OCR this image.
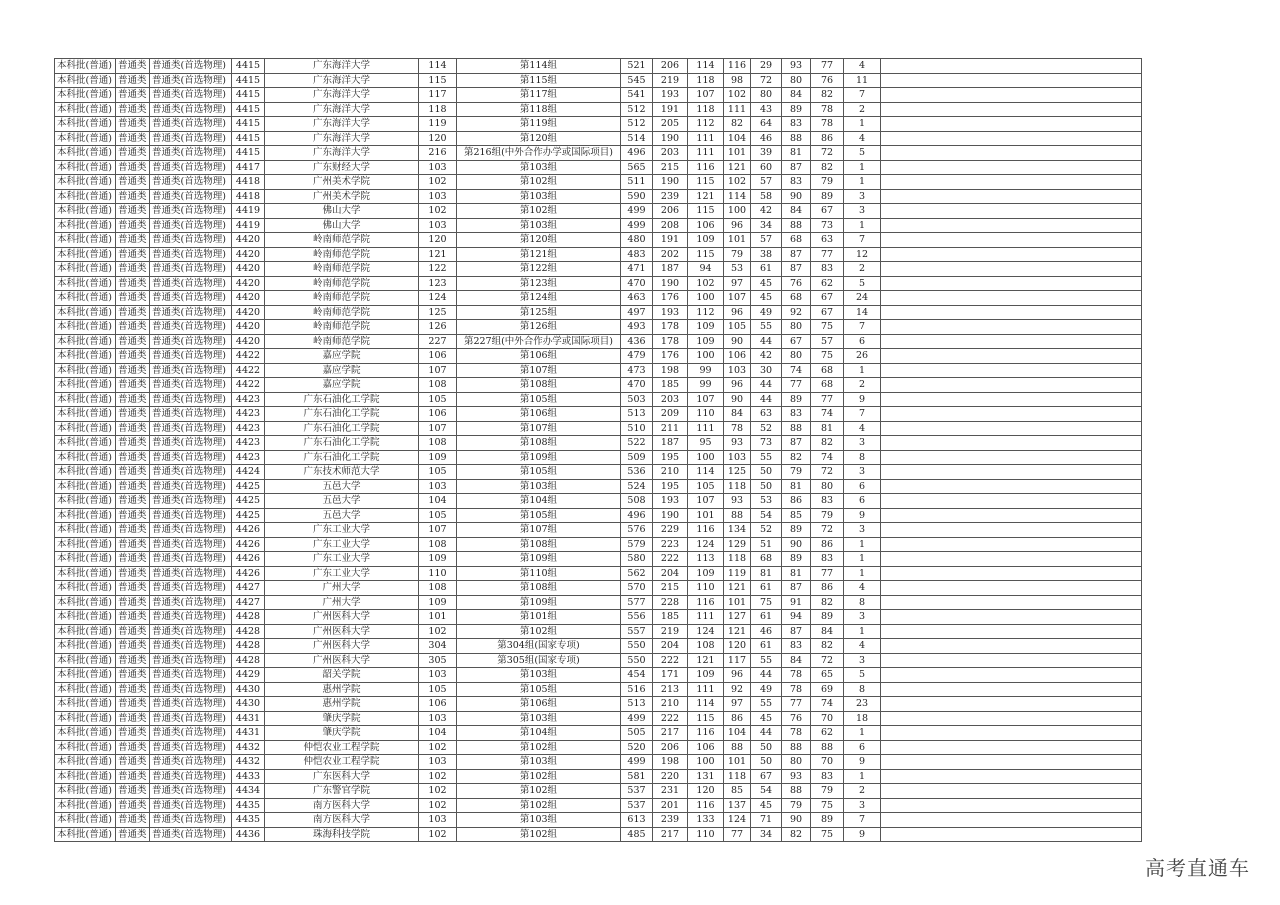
本科批(普通)	普通类	普通类(首选物理)	4415	广东海洋大学	114	第114组	521	206	114	116	29	93	77	4	
本科批(普通)	普通类	普通类(首选物理)	4415	广东海洋大学	115	第115组	545	219	118	98	72	80	76	11	
本科批(普通)	普通类	普通类(首选物理)	4415	广东海洋大学	117	第117组	541	193	107	102	80	84	82	7	
本科批(普通)	普通类	普通类(首选物理)	4415	广东海洋大学	118	第118组	512	191	118	111	43	89	78	2	
本科批(普通)	普通类	普通类(首选物理)	4415	广东海洋大学	119	第119组	512	205	112	82	64	83	78	1	
本科批(普通)	普通类	普通类(首选物理)	4415	广东海洋大学	120	第120组	514	190	111	104	46	88	86	4	
本科批(普通)	普通类	普通类(首选物理)	4415	广东海洋大学	216	第216组(中外合作办学或国际项目)	496	203	111	101	39	81	72	5	
本科批(普通)	普通类	普通类(首选物理)	4417	广东财经大学	103	第103组	565	215	116	121	60	87	82	1	
本科批(普通)	普通类	普通类(首选物理)	4418	广州美术学院	102	第102组	511	190	115	102	57	83	79	1	
本科批(普通)	普通类	普通类(首选物理)	4418	广州美术学院	103	第103组	590	239	121	114	58	90	89	3	
本科批(普通)	普通类	普通类(首选物理)	4419	佛山大学	102	第102组	499	206	115	100	42	84	67	3	
本科批(普通)	普通类	普通类(首选物理)	4419	佛山大学	103	第103组	499	208	106	96	34	88	73	1	
本科批(普通)	普通类	普通类(首选物理)	4420	岭南师范学院	120	第120组	480	191	109	101	57	68	63	7	
本科批(普通)	普通类	普通类(首选物理)	4420	岭南师范学院	121	第121组	483	202	115	79	38	87	77	12	
本科批(普通)	普通类	普通类(首选物理)	4420	岭南师范学院	122	第122组	471	187	94	53	61	87	83	2	
本科批(普通)	普通类	普通类(首选物理)	4420	岭南师范学院	123	第123组	470	190	102	97	45	76	62	5	
本科批(普通)	普通类	普通类(首选物理)	4420	岭南师范学院	124	第124组	463	176	100	107	45	68	67	24	
本科批(普通)	普通类	普通类(首选物理)	4420	岭南师范学院	125	第125组	497	193	112	96	49	92	67	14	
本科批(普通)	普通类	普通类(首选物理)	4420	岭南师范学院	126	第126组	493	178	109	105	55	80	75	7	
本科批(普通)	普通类	普通类(首选物理)	4420	岭南师范学院	227	第227组(中外合作办学或国际项目)	436	178	109	90	44	67	57	6	
本科批(普通)	普通类	普通类(首选物理)	4422	嘉应学院	106	第106组	479	176	100	106	42	80	75	26	
本科批(普通)	普通类	普通类(首选物理)	4422	嘉应学院	107	第107组	473	198	99	103	30	74	68	1	
本科批(普通)	普通类	普通类(首选物理)	4422	嘉应学院	108	第108组	470	185	99	96	44	77	68	2	
本科批(普通)	普通类	普通类(首选物理)	4423	广东石油化工学院	105	第105组	503	203	107	90	44	89	77	9	
本科批(普通)	普通类	普通类(首选物理)	4423	广东石油化工学院	106	第106组	513	209	110	84	63	83	74	7	
本科批(普通)	普通类	普通类(首选物理)	4423	广东石油化工学院	107	第107组	510	211	111	78	52	88	81	4	
本科批(普通)	普通类	普通类(首选物理)	4423	广东石油化工学院	108	第108组	522	187	95	93	73	87	82	3	
本科批(普通)	普通类	普通类(首选物理)	4423	广东石油化工学院	109	第109组	509	195	100	103	55	82	74	8	
本科批(普通)	普通类	普通类(首选物理)	4424	广东技术师范大学	105	第105组	536	210	114	125	50	79	72	3	
本科批(普通)	普通类	普通类(首选物理)	4425	五邑大学	103	第103组	524	195	105	118	50	81	80	6	
本科批(普通)	普通类	普通类(首选物理)	4425	五邑大学	104	第104组	508	193	107	93	53	86	83	6	
本科批(普通)	普通类	普通类(首选物理)	4425	五邑大学	105	第105组	496	190	101	88	54	85	79	9	
本科批(普通)	普通类	普通类(首选物理)	4426	广东工业大学	107	第107组	576	229	116	134	52	89	72	3	
本科批(普通)	普通类	普通类(首选物理)	4426	广东工业大学	108	第108组	579	223	124	129	51	90	86	1	
本科批(普通)	普通类	普通类(首选物理)	4426	广东工业大学	109	第109组	580	222	113	118	68	89	83	1	
本科批(普通)	普通类	普通类(首选物理)	4426	广东工业大学	110	第110组	562	204	109	119	81	81	77	1	
本科批(普通)	普通类	普通类(首选物理)	4427	广州大学	108	第108组	570	215	110	121	61	87	86	4	
本科批(普通)	普通类	普通类(首选物理)	4427	广州大学	109	第109组	577	228	116	101	75	91	82	8	
本科批(普通)	普通类	普通类(首选物理)	4428	广州医科大学	101	第101组	556	185	111	127	61	94	89	3	
本科批(普通)	普通类	普通类(首选物理)	4428	广州医科大学	102	第102组	557	219	124	121	46	87	84	1	
本科批(普通)	普通类	普通类(首选物理)	4428	广州医科大学	304	第304组(国家专项)	550	204	108	120	61	83	82	4	
本科批(普通)	普通类	普通类(首选物理)	4428	广州医科大学	305	第305组(国家专项)	550	222	121	117	55	84	72	3	
本科批(普通)	普通类	普通类(首选物理)	4429	韶关学院	103	第103组	454	171	109	96	44	78	65	5	
本科批(普通)	普通类	普通类(首选物理)	4430	惠州学院	105	第105组	516	213	111	92	49	78	69	8	
本科批(普通)	普通类	普通类(首选物理)	4430	惠州学院	106	第106组	513	210	114	97	55	77	74	23	
本科批(普通)	普通类	普通类(首选物理)	4431	肇庆学院	103	第103组	499	222	115	86	45	76	70	18	
本科批(普通)	普通类	普通类(首选物理)	4431	肇庆学院	104	第104组	505	217	116	104	44	78	62	1	
本科批(普通)	普通类	普通类(首选物理)	4432	仲恺农业工程学院	102	第102组	520	206	106	88	50	88	88	6	
本科批(普通)	普通类	普通类(首选物理)	4432	仲恺农业工程学院	103	第103组	499	198	100	101	50	80	70	9	
本科批(普通)	普通类	普通类(首选物理)	4433	广东医科大学	102	第102组	581	220	131	118	67	93	83	1	
本科批(普通)	普通类	普通类(首选物理)	4434	广东警官学院	102	第102组	537	231	120	85	54	88	79	2	
本科批(普通)	普通类	普通类(首选物理)	4435	南方医科大学	102	第102组	537	201	116	137	45	79	75	3	
本科批(普通)	普通类	普通类(首选物理)	4435	南方医科大学	103	第103组	613	239	133	124	71	90	89	7	
本科批(普通)	普通类	普通类(首选物理)	4436	珠海科技学院	102	第102组	485	217	110	77	34	82	75	9	
高考直通车
